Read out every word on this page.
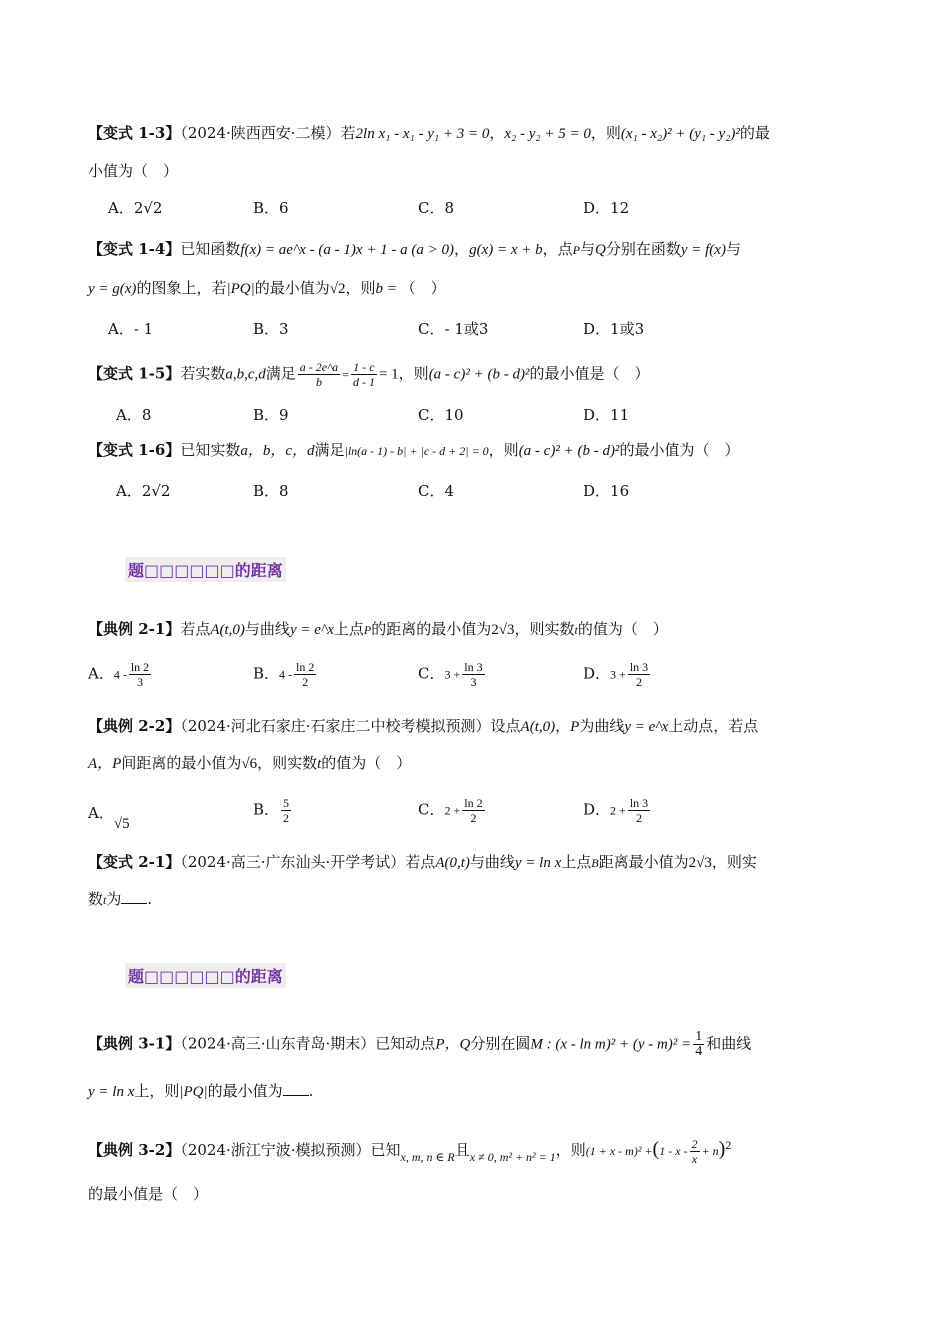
【变式 1-3】（2024·陕西西安·二模）若2ln x₁ - x₁ - y₁ + 3 = 0，x₂ - y₂ + 5 = 0，则(x₁ - x₂)² + (y₁ - y₂)²的最
小值为（　）
A．2√2	B．6	C．8	D．12
【变式 1-4】已知函数f(x) = ae^x - (a - 1)x + 1 - a (a > 0)，g(x) = x + b，点P与Q分别在函数y = f(x)与
y = g(x)的图象上，若|PQ|的最小值为√2，则b = （　）
A．- 1	B．3	C．- 1或3	D．1或3
【变式 1-5】若实数a,b,c,d满足 $\frac{a - 2e\^{}a}{b} = \frac{1 - c}{d - 1} = 1$，则(a - c)² + (b - d)²的最小值是（　）
A．8	B．9	C．10	D．11
【变式 1-6】已知实数a，b，c，d满足|ln(a - 1) - b| + |c - d + 2| = 0，则(a - c)² + (b - d)²的最小值为（　）
A．2√2	B．8	C．4	D．16
题□□□□□□的距离
【典例 2-1】若点A(t,0)与曲线y = e^x上点P的距离的最小值为2√3，则实数t的值为（　）
A．$4 - \frac{\ln 2}{3}$	B．$4 - \frac{\ln 2}{2}$	C．$3 + \frac{\ln 3}{3}$	D．$3 + \frac{\ln 3}{2}$
【典例 2-2】（2024·河北石家庄·石家庄二中校考模拟预测）设点A(t,0)，P为曲线y = e^x上动点，若点
A，P间距离的最小值为√6，则实数t的值为（　）
A．√5
B． $\frac{5}{2}$	C．$2 + \frac{\ln 2}{2}$	D．$2 + \frac{\ln 3}{2}$
【变式 2-1】（2024·高三·广东汕头·开学考试）若点A(0,t)与曲线y = ln x上点B距离最小值为2√3，则实
数t为 .
题□□□□□□的距离
【典例 3-1】（2024·高三·山东青岛·期末）已知动点P，Q分别在圆M : $(x - \ln m)^2 + (y - m)^2 = \frac{1}{4}$ 和曲线
y = ln x上，则|PQ|的最小值为 .
【典例 3-2】（2024·浙江宁波·模拟预测）已知$_{x, m, n \in R}$且$_{x \ne 0, m^2 + n^2 = 1}$，则$(1 + x - m)^2 +(1 - x - \frac{2}{x} + n)^2$
的最小值是（　）
